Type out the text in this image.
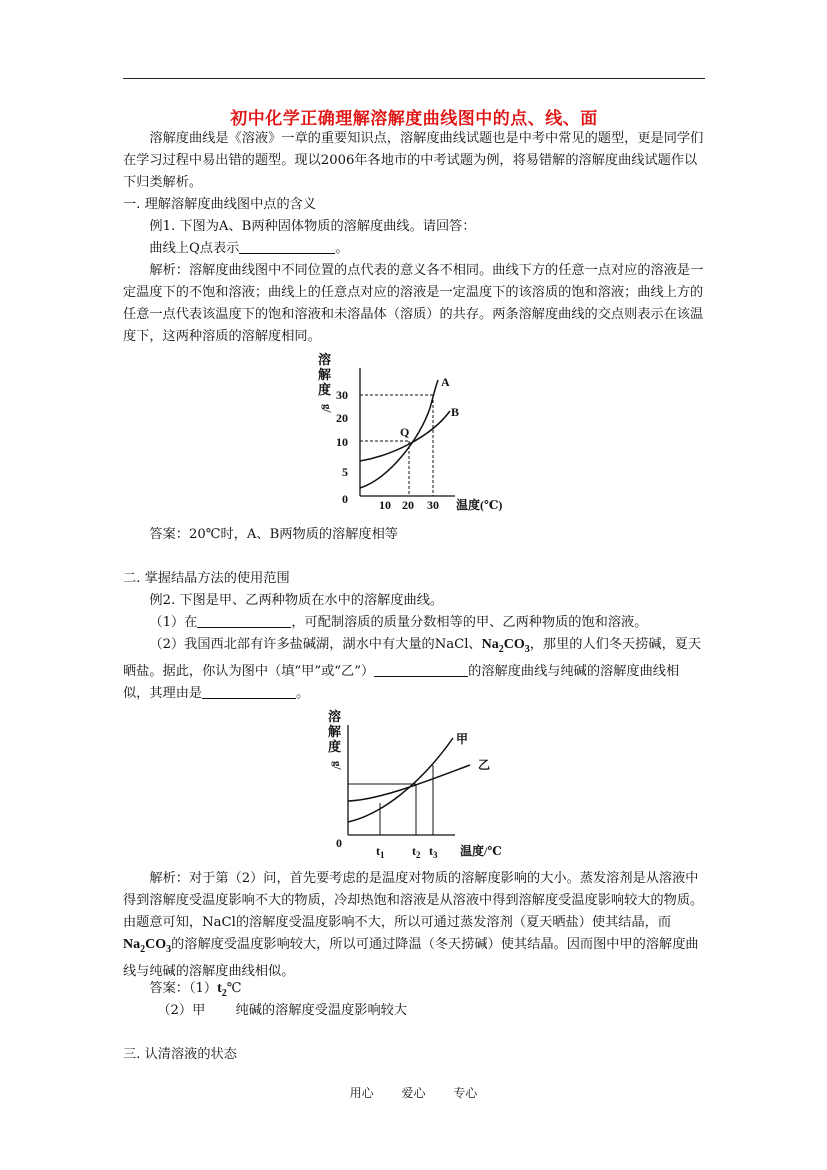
初中化学正确理解溶解度曲线图中的点、线、面

溶解度曲线是《溶液》一章的重要知识点，溶解度曲线试题也是中考中常见的题型，更是同学们在学习过程中易出错的题型。现以2006年各地市的中考试题为例，将易错解的溶解度曲线试题作以下归类解析。

一. 理解溶解度曲线图中点的含义

例1. 下图为A、B两种固体物质的溶解度曲线。请回答：

曲线上Q点表示	。

解析：溶解度曲线图中不同位置的点代表的意义各不相同。曲线下方的任意一点对应的溶液是一定温度下的不饱和溶液；曲线上的任意点对应的溶液是一定温度下的该溶质的饱和溶液；曲线上方的任意一点代表该温度下的饱和溶液和未溶晶体（溶质）的共存。两条溶解度曲线的交点则表示在该温度下，这两种溶质的溶解度相同。

溶
解
度
g/
0
5
10
20
30
10 20 30 温度(℃)
Q
A
B

答案：20℃时，A、B两物质的溶解度相等

二. 掌握结晶方法的使用范围

例2. 下图是甲、乙两种物质在水中的溶解度曲线。

（1）在	，可配制溶质的质量分数相等的甲、乙两种物质的饱和溶液。

（2）我国西北部有许多盐碱湖，湖水中有大量的NaCl、$Na_2CO_3$，那里的人们冬天捞碱，夏天晒盐。据此，你认为图中（填“甲”或“乙”）	的溶解度曲线与纯碱的溶解度曲线相似，其理由是	。

溶
解
度
g/
0
甲
乙
$t_1$ $t_2$ $t_3$ 温度/℃

解析：对于第（2）问，首先要考虑的是温度对物质的溶解度影响的大小。蒸发溶剂是从溶液中得到溶解度受温度影响不大的物质，冷却热饱和溶液是从溶液中得到溶解度受温度影响较大的物质。由题意可知，NaCl的溶解度受温度影响不大，所以可通过蒸发溶剂（夏天晒盐）使其结晶，而$Na_2CO_3$的溶解度受温度影响较大，所以可通过降温（冬天捞碱）使其结晶。因而图中甲的溶解度曲线与纯碱的溶解度曲线相似。

答案：$(1)t_2℃$

（2）甲 纯碱的溶解度受温度影响较大

三. 认清溶液的状态

用心 爱心 专心
